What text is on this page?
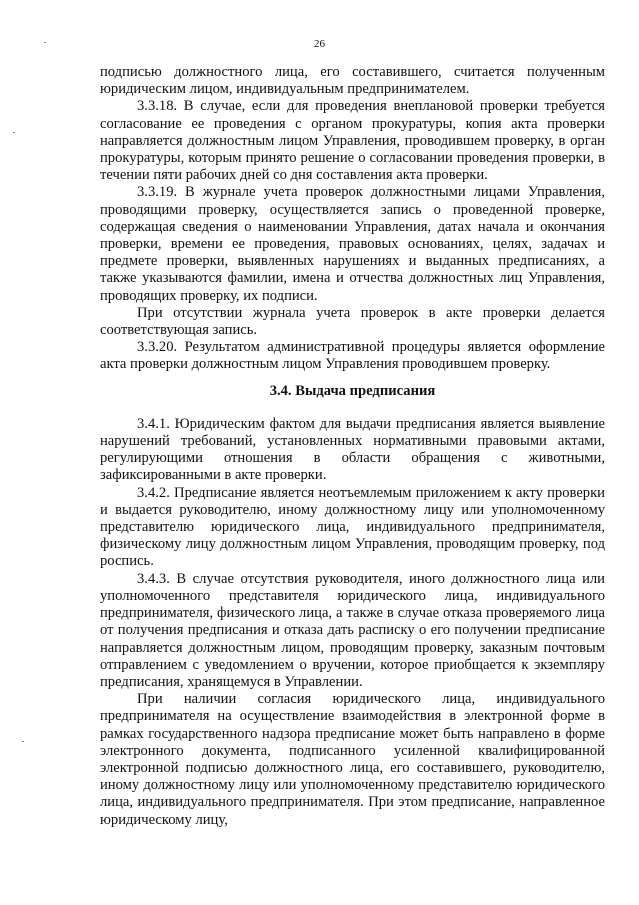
26

подписью должностного лица, его составившего, считается полученным юридическим лицом, индивидуальным предпринимателем.

3.3.18. В случае, если для проведения внеплановой проверки требуется согласование ее проведения с органом прокуратуры, копия акта проверки направляется должностным лицом Управления, проводившем проверку, в орган прокуратуры, которым принято решение о согласовании проведения проверки, в течении пяти рабочих дней со дня составления акта проверки.

3.3.19. В журнале учета проверок должностными лицами Управления, проводящими проверку, осуществляется запись о проведенной проверке, содержащая сведения о наименовании Управления, датах начала и окончания проверки, времени ее проведения, правовых основаниях, целях, задачах и предмете проверки, выявленных нарушениях и выданных предписаниях, а также указываются фамилии, имена и отчества должностных лиц Управления, проводящих проверку, их подписи.

При отсутствии журнала учета проверок в акте проверки делается соответствующая запись.

3.3.20. Результатом административной процедуры является оформление акта проверки должностным лицом Управления проводившем проверку.

3.4. Выдача предписания

3.4.1. Юридическим фактом для выдачи предписания является выявление нарушений требований, установленных нормативными правовыми актами, регулирующими отношения в области обращения с животными, зафиксированными в акте проверки.

3.4.2. Предписание является неотъемлемым приложением к акту проверки и выдается руководителю, иному должностному лицу или уполномоченному представителю юридического лица, индивидуального предпринимателя, физическому лицу должностным лицом Управления, проводящим проверку, под роспись.

3.4.3. В случае отсутствия руководителя, иного должностного лица или уполномоченного представителя юридического лица, индивидуального предпринимателя, физического лица, а также в случае отказа проверяемого лица от получения предписания и отказа дать расписку о его получении предписание направляется должностным лицом, проводящим проверку, заказным почтовым отправлением с уведомлением о вручении, которое приобщается к экземпляру предписания, хранящемуся в Управлении.

При наличии согласия юридического лица, индивидуального предпринимателя на осуществление взаимодействия в электронной форме в рамках государственного надзора предписание может быть направлено в форме электронного документа, подписанного усиленной квалифицированной электронной подписью должностного лица, его составившего, руководителю, иному должностному лицу или уполномоченному представителю юридического лица, индивидуального предпринимателя. При этом предписание, направленное юридическому лицу,
